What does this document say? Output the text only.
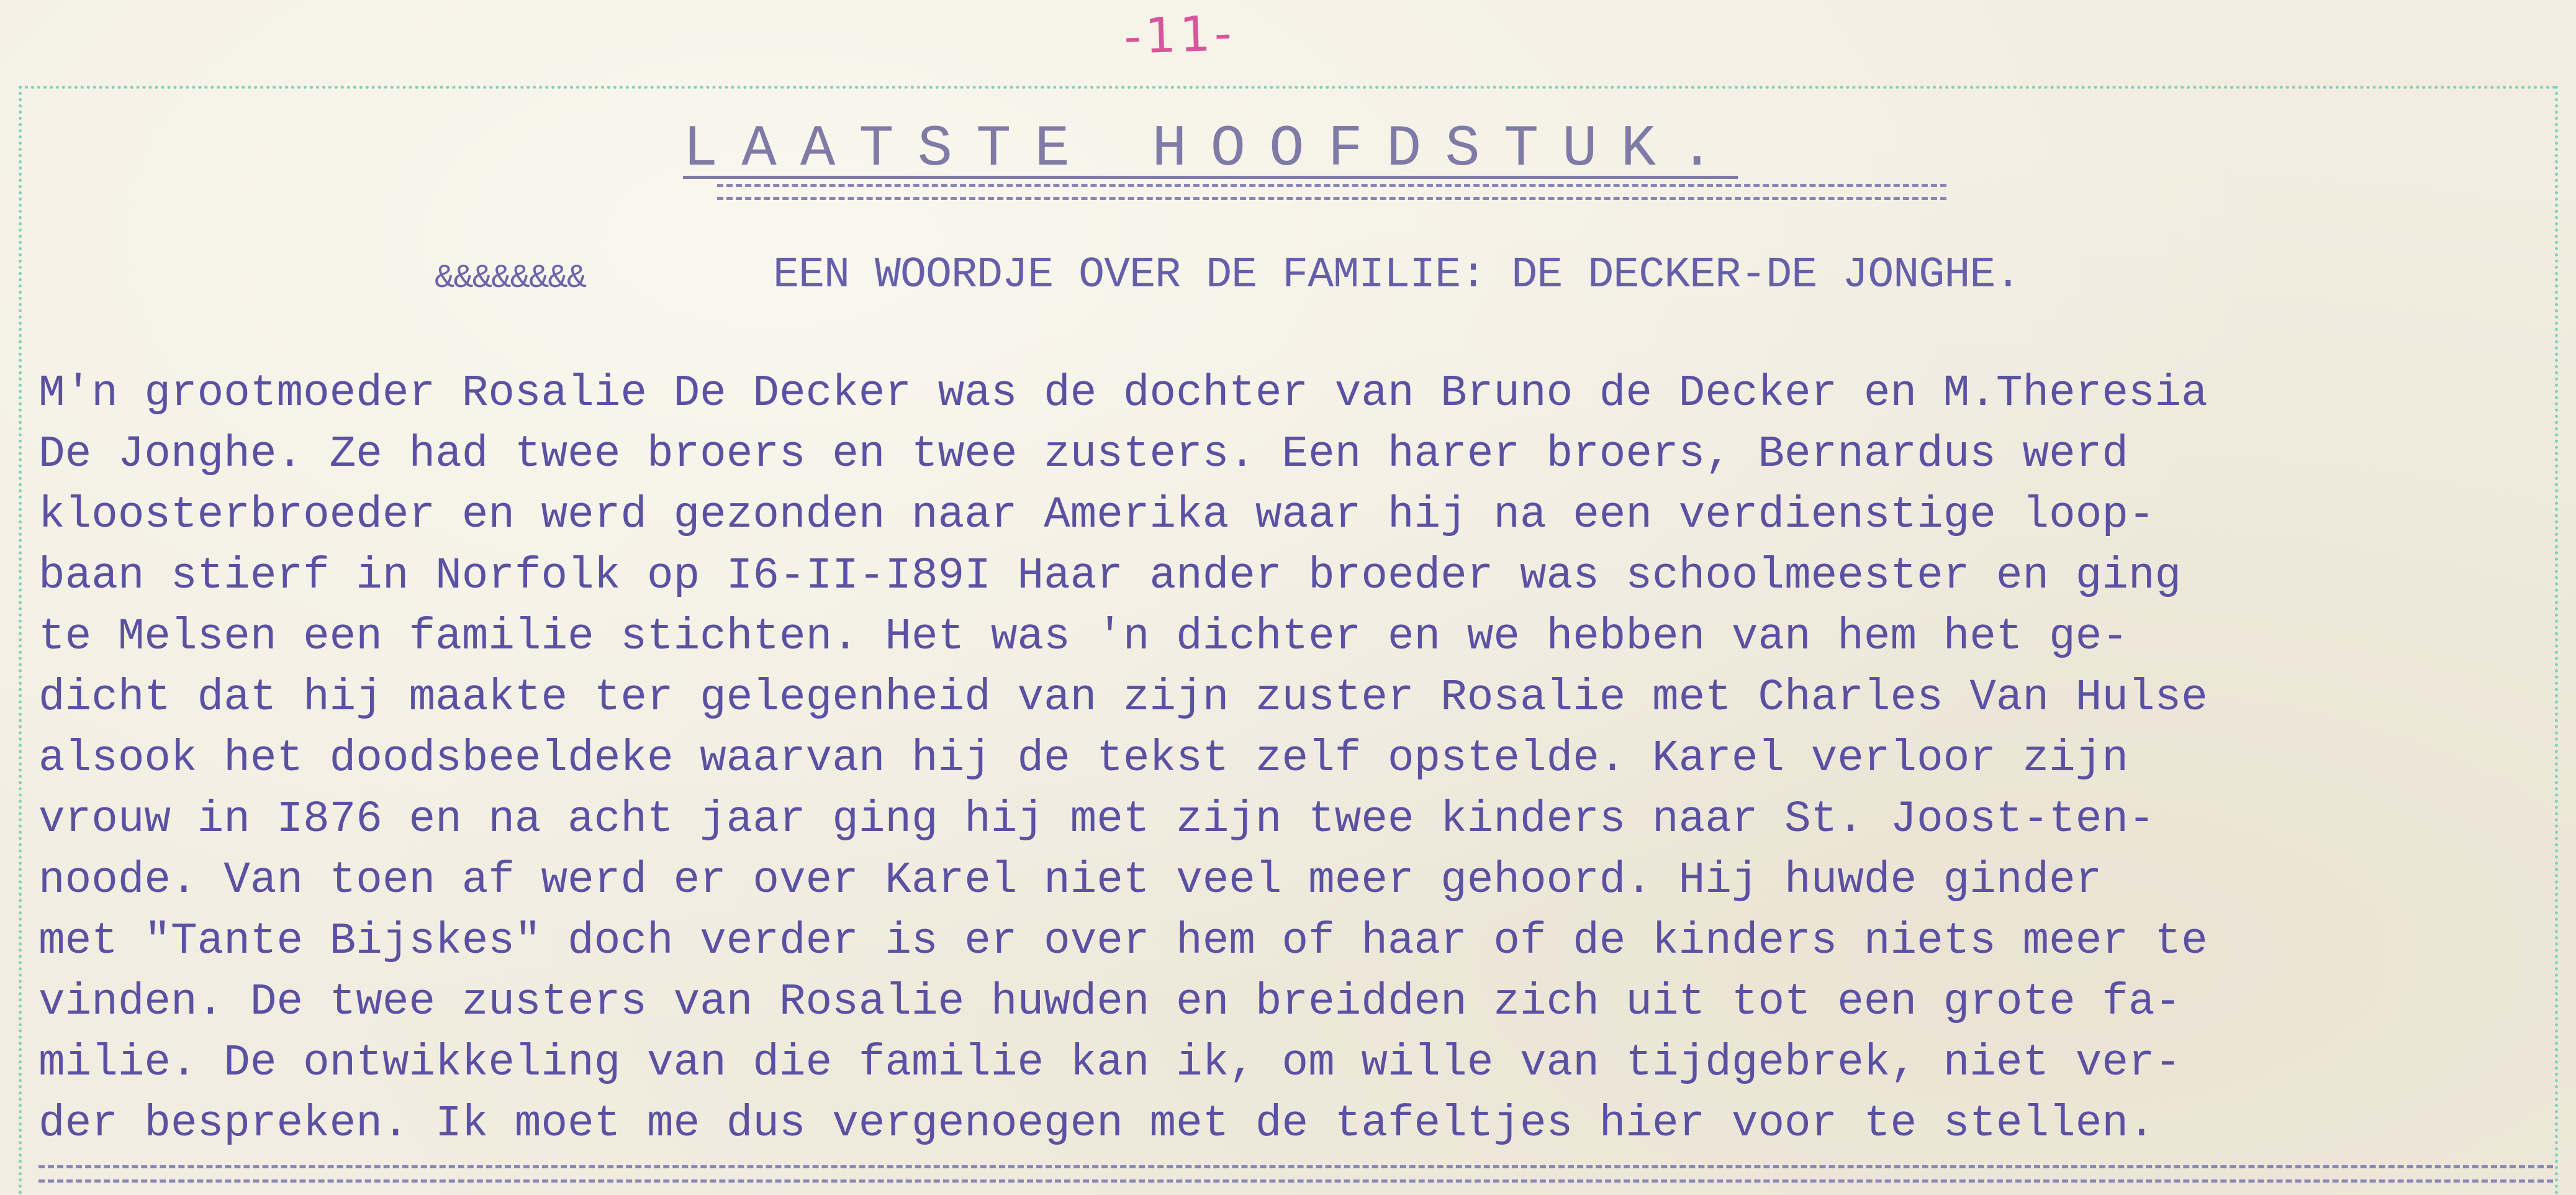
-11-
LAATSTE HOOFDSTUK.
&&&&&&&&	EEN WOORDJE OVER DE FAMILIE: DE DECKER-DE JONGHE.
M'n grootmoeder Rosalie De Decker was de dochter van Bruno de Decker en M.Theresia
De Jonghe. Ze had twee broers en twee zusters. Een harer broers, Bernardus werd
kloosterbroeder en werd gezonden naar Amerika waar hij na een verdienstige loop-
baan stierf in Norfolk op I6-II-I89I Haar ander broeder was schoolmeester en ging
te Melsen een familie stichten. Het was 'n dichter en we hebben van hem het ge-
dicht dat hij maakte ter gelegenheid van zijn zuster Rosalie met Charles Van Hulse
alsook het doodsbeeldeke waarvan hij de tekst zelf opstelde. Karel verloor zijn
vrouw in I876 en na acht jaar ging hij met zijn twee kinders naar St. Joost-ten-
noode. Van toen af werd er over Karel niet veel meer gehoord. Hij huwde ginder
met "Tante Bijskes" doch verder is er over hem of haar of de kinders niets meer te
vinden. De twee zusters van Rosalie huwden en breidden zich uit tot een grote fa-
milie. De ontwikkeling van die familie kan ik, om wille van tijdgebrek, niet ver-
der bespreken. Ik moet me dus vergenoegen met de tafeltjes hier voor te stellen.
